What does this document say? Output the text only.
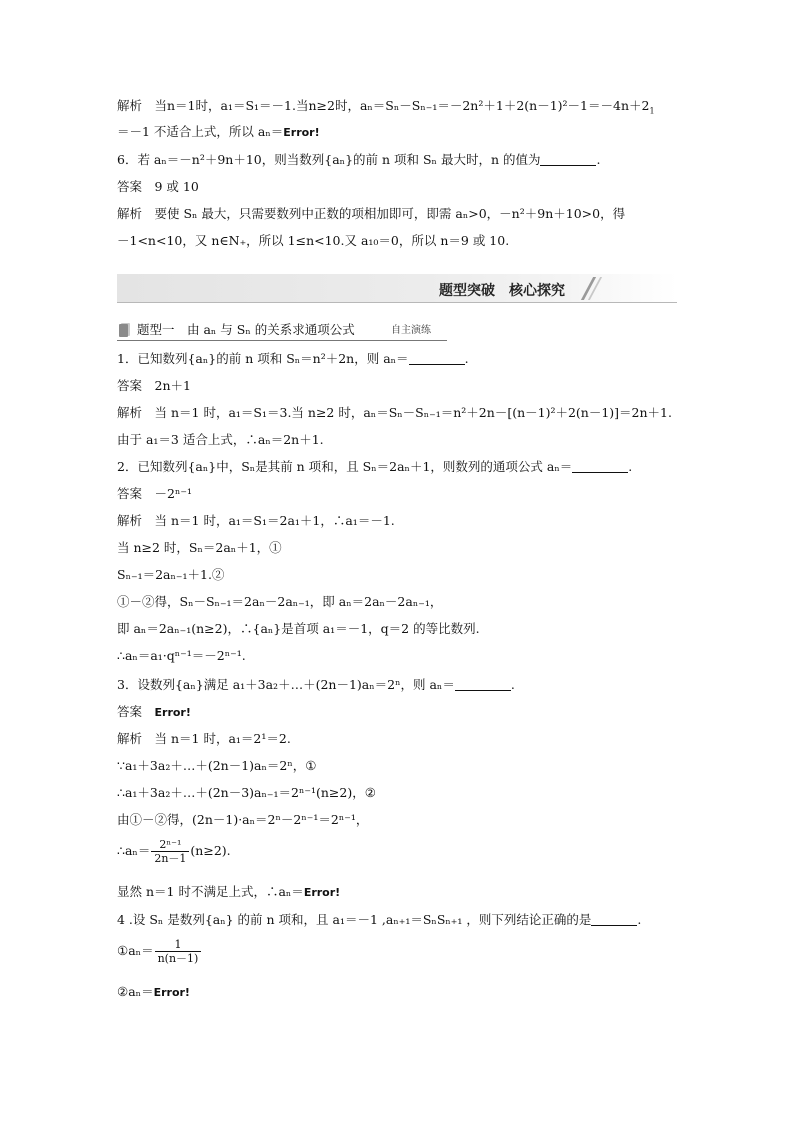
解析　当n＝1时，a₁＝S₁＝－1.当n≥2时，$a_n=S_n-S_{n-1}=-2n^2+1+2(n-1)^2-1=-4n+2_1$
＝－1 不适合上式，所以 aₙ＝Error!
6．若 aₙ＝－n²＋9n＋10，则当数列{aₙ}的前 n 项和 Sₙ 最大时，n 的值为	.
答案　9 或 10
解析　要使 Sₙ 最大，只需要数列中正数的项相加即可，即需 aₙ>0，－n²＋9n＋10>0，得
－1<n<10，又 n∈N₊，所以 1≤n<10.又 a₁₀＝0，所以 n＝9 或 10.
题型突破　核心探究
题型一　由 aₙ 与 Sₙ 的关系求通项公式	自主演练
1．已知数列{aₙ}的前 n 项和 Sₙ＝n²＋2n，则 aₙ＝	.
答案　2n＋1
解析　当 n＝1 时，a₁＝S₁＝3.当 n≥2 时，aₙ＝Sₙ－Sₙ₋₁＝n²＋2n－[(n－1)²＋2(n－1)]＝2n＋1.
由于 a₁＝3 适合上式，∴aₙ＝2n＋1.
2．已知数列{aₙ}中，Sₙ是其前 n 项和，且 Sₙ＝2aₙ＋1，则数列的通项公式 aₙ＝	.
答案　－2ⁿ⁻¹
解析　当 n＝1 时，a₁＝S₁＝2a₁＋1，∴a₁＝－1.
当 n≥2 时，Sₙ＝2aₙ＋1，①
Sₙ₋₁＝2aₙ₋₁＋1.②
①－②得，Sₙ－Sₙ₋₁＝2aₙ－2aₙ₋₁，即 aₙ＝2aₙ－2aₙ₋₁，
即 aₙ＝2aₙ₋₁(n≥2)，∴{aₙ}是首项 a₁＝－1，q＝2 的等比数列.
∴aₙ＝a₁·qⁿ⁻¹＝－2ⁿ⁻¹.
3．设数列{aₙ}满足 a₁＋3a₂＋…＋(2n－1)aₙ＝2ⁿ，则 aₙ＝	.
答案　Error!
解析　当 n＝1 时，a₁＝2¹＝2.
∵a₁＋3a₂＋…＋(2n－1)aₙ＝2ⁿ，①
∴a₁＋3a₂＋…＋(2n－3)aₙ₋₁＝2ⁿ⁻¹(n≥2)，②
由①－②得，(2n－1)·aₙ＝2ⁿ－2ⁿ⁻¹＝2ⁿ⁻¹，
∴aₙ＝ $\frac{\text{2ⁿ⁻¹}}{2n-1} (n\ge 2)$.
显然 n＝1 时不满足上式，∴aₙ＝Error!
4 .设 Sₙ 是数列{aₙ} 的前 n 项和，且 a₁＝－1 ,aₙ₊₁＝SₙSₙ₊₁ ，则下列结论正确的是	.
①aₙ＝ $\frac{1}{n(n-1)}$
②aₙ＝Error!
